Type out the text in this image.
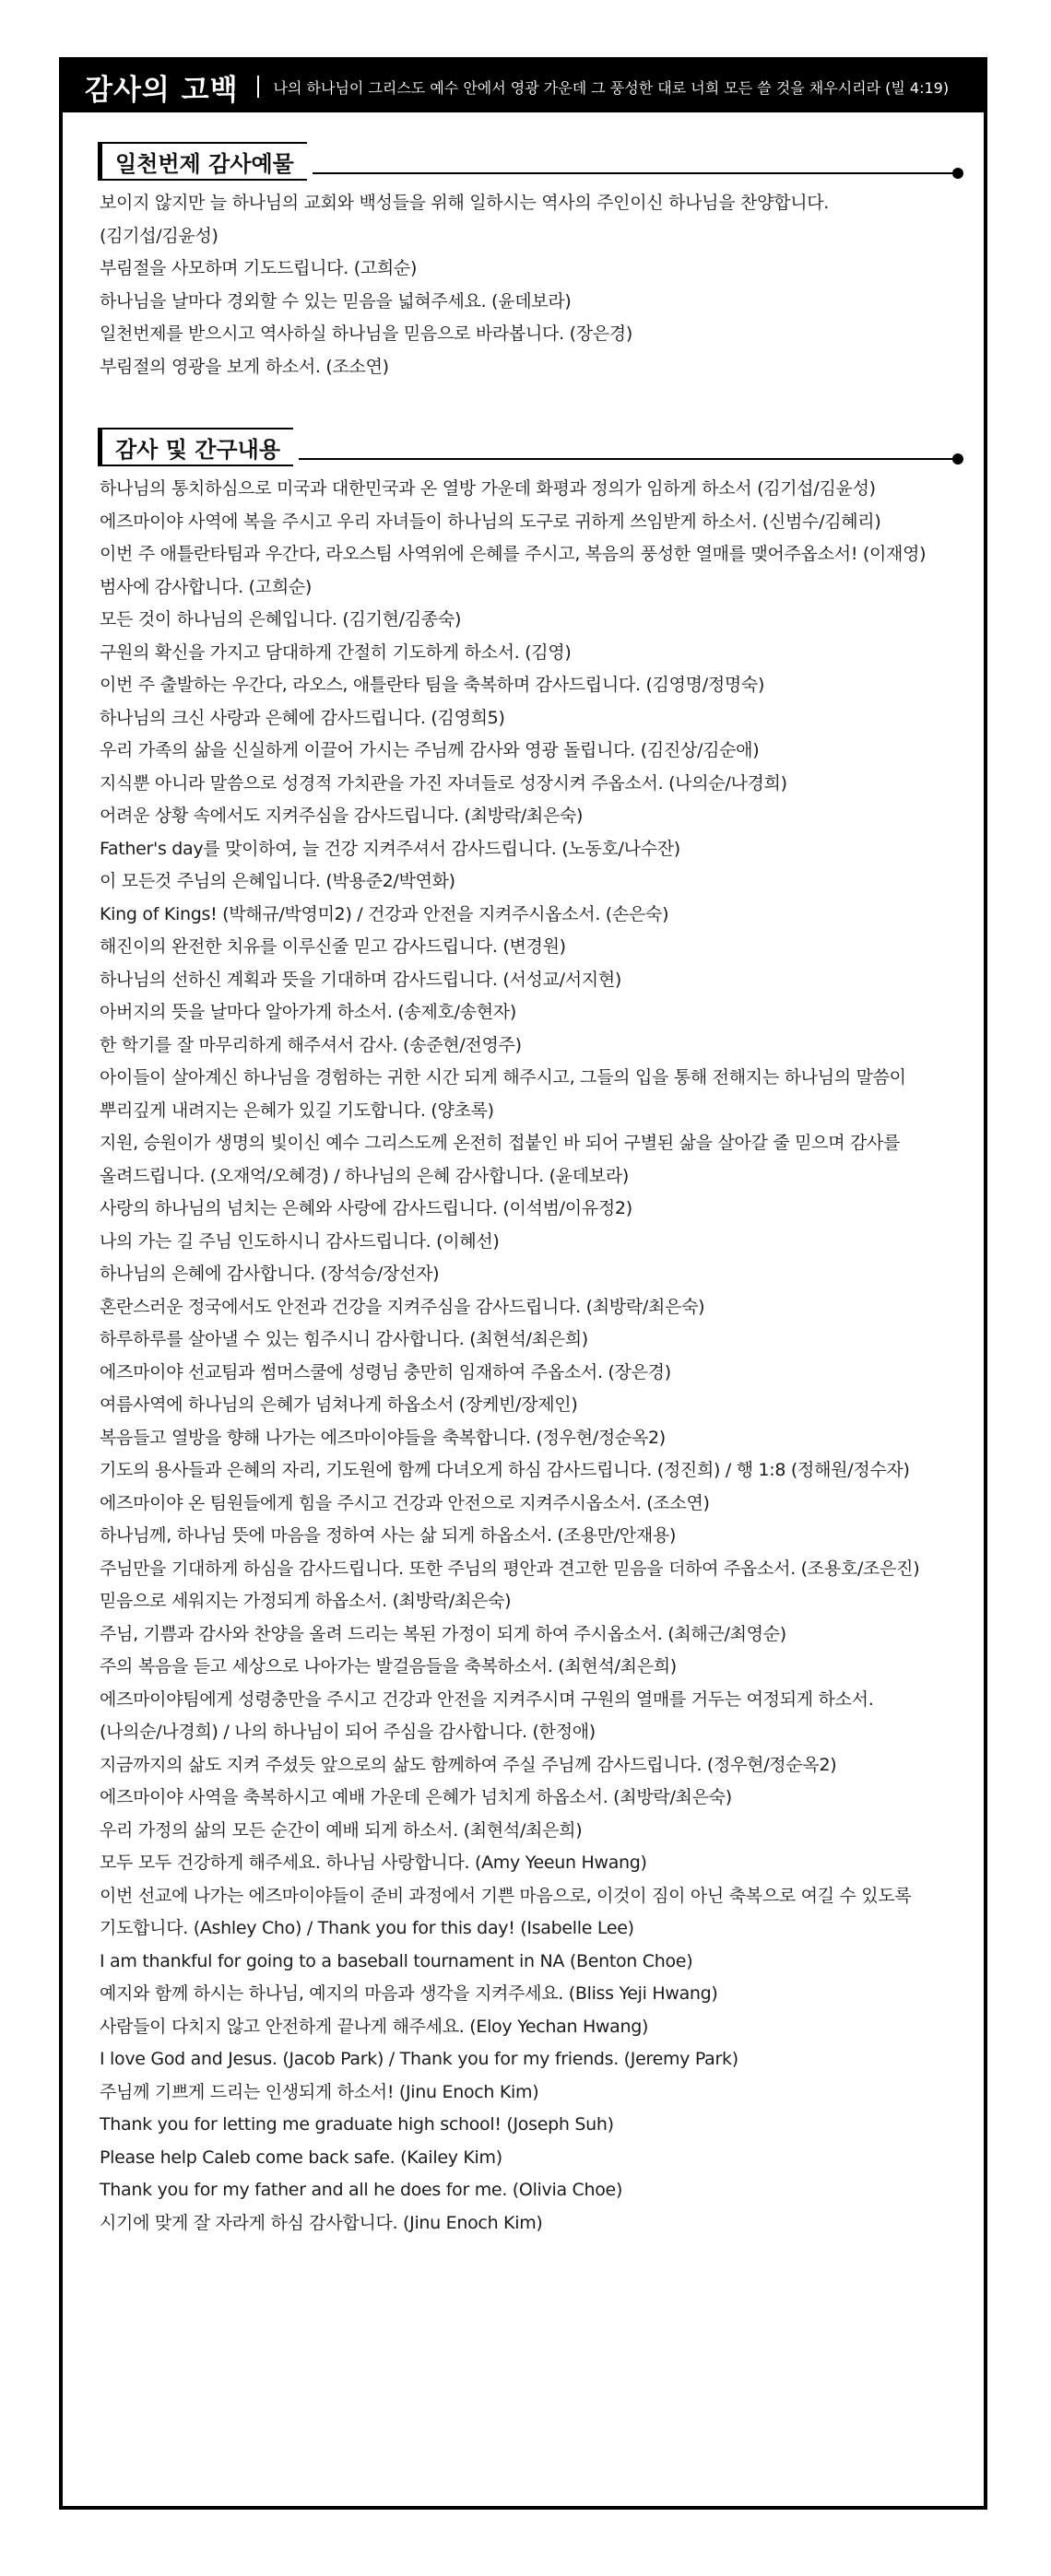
감사의 고백 나의 하나님이 그리스도 예수 안에서 영광 가운데 그 풍성한 대로 너희 모든 쓸 것을 채우시리라 (빌 4:19)
일천번제 감사예물
보이지 않지만 늘 하나님의 교회와 백성들을 위해 일하시는 역사의 주인이신 하나님을 찬양합니다.
(김기섭/김윤성)
부림절을 사모하며 기도드립니다. (고희순)
하나님을 날마다 경외할 수 있는 믿음을 넓혀주세요. (윤데보라)
일천번제를 받으시고 역사하실 하나님을 믿음으로 바라봅니다. (장은경)
부림절의 영광을 보게 하소서. (조소연)
감사 및 간구내용
하나님의 통치하심으로 미국과 대한민국과 온 열방 가운데 화평과 정의가 임하게 하소서 (김기섭/김윤성)
에즈마이야 사역에 복을 주시고 우리 자녀들이 하나님의 도구로 귀하게 쓰임받게 하소서. (신범수/김혜리)
이번 주 애틀란타팀과 우간다, 라오스팀 사역위에 은혜를 주시고, 복음의 풍성한 열매를 맺어주옵소서! (이재영)
범사에 감사합니다. (고희순)
모든 것이 하나님의 은혜입니다. (김기현/김종숙)
구원의 확신을 가지고 담대하게 간절히 기도하게 하소서. (김영)
이번 주 출발하는 우간다, 라오스, 애틀란타 팀을 축복하며 감사드립니다. (김영명/정명숙)
하나님의 크신 사랑과 은혜에 감사드립니다. (김영희5)
우리 가족의 삶을 신실하게 이끌어 가시는 주님께 감사와 영광 돌립니다. (김진상/김순애)
지식뿐 아니라 말씀으로 성경적 가치관을 가진 자녀들로 성장시켜 주옵소서. (나의순/나경희)
어려운 상황 속에서도 지켜주심을 감사드립니다. (최방락/최은숙)
Father's day를 맞이하여, 늘 건강 지켜주셔서 감사드립니다. (노동호/나수잔)
이 모든것 주님의 은혜입니다. (박용준2/박연화)
King of Kings! (박해규/박영미2) / 건강과 안전을 지켜주시옵소서. (손은숙)
해진이의 완전한 치유를 이루신줄 믿고 감사드립니다. (변경원)
하나님의 선하신 계획과 뜻을 기대하며 감사드립니다. (서성교/서지현)
아버지의 뜻을 날마다 알아가게 하소서. (송제호/송현자)
한 학기를 잘 마무리하게 해주셔서 감사. (송준현/전영주)
아이들이 살아계신 하나님을 경험하는 귀한 시간 되게 해주시고, 그들의 입을 통해 전해지는 하나님의 말씀이
뿌리깊게 내려지는 은혜가 있길 기도합니다. (양초록)
지원, 승원이가 생명의 빛이신 예수 그리스도께 온전히 접붙인 바 되어 구별된 삶을 살아갈 줄 믿으며 감사를
올려드립니다. (오재억/오혜경) / 하나님의 은혜 감사합니다. (윤데보라)
사랑의 하나님의 넘치는 은혜와 사랑에 감사드립니다. (이석범/이유정2)
나의 가는 길 주님 인도하시니 감사드립니다. (이혜선)
하나님의 은혜에 감사합니다. (장석승/장선자)
혼란스러운 정국에서도 안전과 건강을 지켜주심을 감사드립니다. (최방락/최은숙)
하루하루를 살아낼 수 있는 힘주시니 감사합니다. (최현석/최은희)
에즈마이야 선교팀과 썸머스쿨에 성령님 충만히 임재하여 주옵소서. (장은경)
여름사역에 하나님의 은혜가 넘쳐나게 하옵소서 (장케빈/장제인)
복음들고 열방을 향해 나가는 에즈마이야들을 축복합니다. (정우현/정순옥2)
기도의 용사들과 은혜의 자리, 기도원에 함께 다녀오게 하심 감사드립니다. (정진희) / 행 1:8 (정해원/정수자)
에즈마이야 온 팀원들에게 힘을 주시고 건강과 안전으로 지켜주시옵소서. (조소연)
하나님께, 하나님 뜻에 마음을 정하여 사는 삶 되게 하옵소서. (조용만/안재용)
주님만을 기대하게 하심을 감사드립니다. 또한 주님의 평안과 견고한 믿음을 더하여 주옵소서. (조용호/조은진)
믿음으로 세워지는 가정되게 하옵소서. (최방락/최은숙)
주님, 기쁨과 감사와 찬양을 올려 드리는 복된 가정이 되게 하여 주시옵소서. (최해근/최영순)
주의 복음을 듣고 세상으로 나아가는 발걸음들을 축복하소서. (최현석/최은희)
에즈마이야팀에게 성령충만을 주시고 건강과 안전을 지켜주시며 구원의 열매를 거두는 여정되게 하소서.
(나의순/나경희) / 나의 하나님이 되어 주심을 감사합니다. (한정애)
지금까지의 삶도 지켜 주셨듯 앞으로의 삶도 함께하여 주실 주님께 감사드립니다. (정우현/정순옥2)
에즈마이야 사역을 축복하시고 예배 가운데 은혜가 넘치게 하옵소서. (최방락/최은숙)
우리 가정의 삶의 모든 순간이 예배 되게 하소서. (최현석/최은희)
모두 모두 건강하게 해주세요. 하나님 사랑합니다. (Amy Yeeun Hwang)
이번 선교에 나가는 에즈마이야들이 준비 과정에서 기쁜 마음으로, 이것이 짐이 아닌 축복으로 여길 수 있도록
기도합니다. (Ashley Cho) / Thank you for this day! (Isabelle Lee)
I am thankful for going to a baseball tournament in NA (Benton Choe)
예지와 함께 하시는 하나님, 예지의 마음과 생각을 지켜주세요. (Bliss Yeji Hwang)
사람들이 다치지 않고 안전하게 끝나게 해주세요. (Eloy Yechan Hwang)
I love God and Jesus. (Jacob Park) / Thank you for my friends. (Jeremy Park)
주님께 기쁘게 드리는 인생되게 하소서! (Jinu Enoch Kim)
Thank you for letting me graduate high school! (Joseph Suh)
Please help Caleb come back safe. (Kailey Kim)
Thank you for my father and all he does for me. (Olivia Choe)
시기에 맞게 잘 자라게 하심 감사합니다. (Jinu Enoch Kim)
